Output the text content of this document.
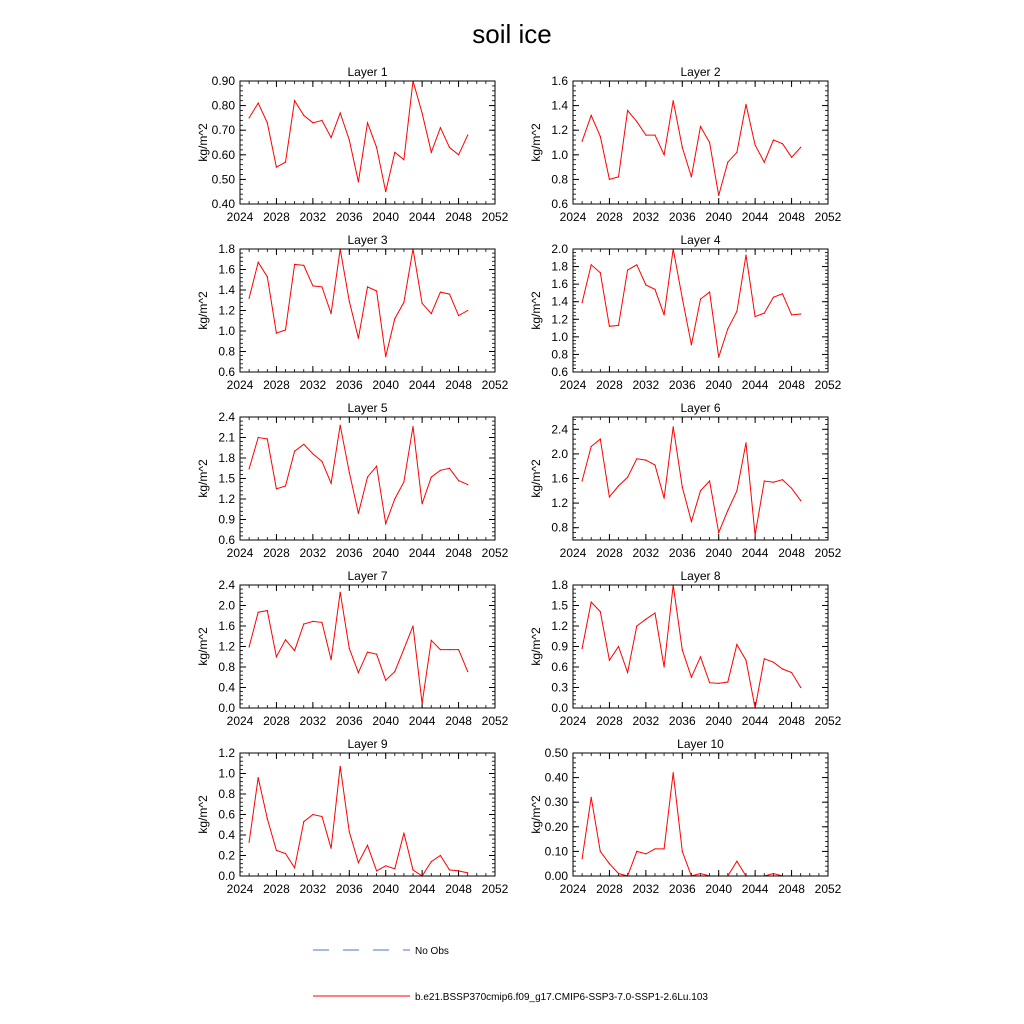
soil ice
Layer 1
2024 2028 2032 2036 2040 2044 2048 2052
0.40
0.50
0.60
0.70
0.80
0.90
kg/m^2
Layer 2
2024 2028 2032 2036 2040 2044 2048 2052
0.6
0.8
1.0
1.2
1.4
1.6
kg/m^2
Layer 3
2024 2028 2032 2036 2040 2044 2048 2052
0.6
0.8
1.0
1.2
1.4
1.6
1.8
kg/m^2
Layer 4
2024 2028 2032 2036 2040 2044 2048 2052
0.6
0.8
1.0
1.2
1.4
1.6
1.8
2.0
kg/m^2
Layer 5
2024 2028 2032 2036 2040 2044 2048 2052
0.6
0.9
1.2
1.5
1.8
2.1
2.4
kg/m^2
Layer 6
2024 2028 2032 2036 2040 2044 2048 2052
0.8
1.2
1.6
2.0
2.4
kg/m^2
Layer 7
2024 2028 2032 2036 2040 2044 2048 2052
0.0
0.4
0.8
1.2
1.6
2.0
2.4
kg/m^2
Layer 8
2024 2028 2032 2036 2040 2044 2048 2052
0.0
0.3
0.6
0.9
1.2
1.5
1.8
kg/m^2
Layer 9
2024 2028 2032 2036 2040 2044 2048 2052
0.0
0.2
0.4
0.6
0.8
1.0
1.2
kg/m^2
Layer 10
2024 2028 2032 2036 2040 2044 2048 2052
0.00
0.10
0.20
0.30
0.40
0.50
kg/m^2
No Obs
b.e21.BSSP370cmip6.f09_g17.CMIP6-SSP3-7.0-SSP1-2.6Lu.103
